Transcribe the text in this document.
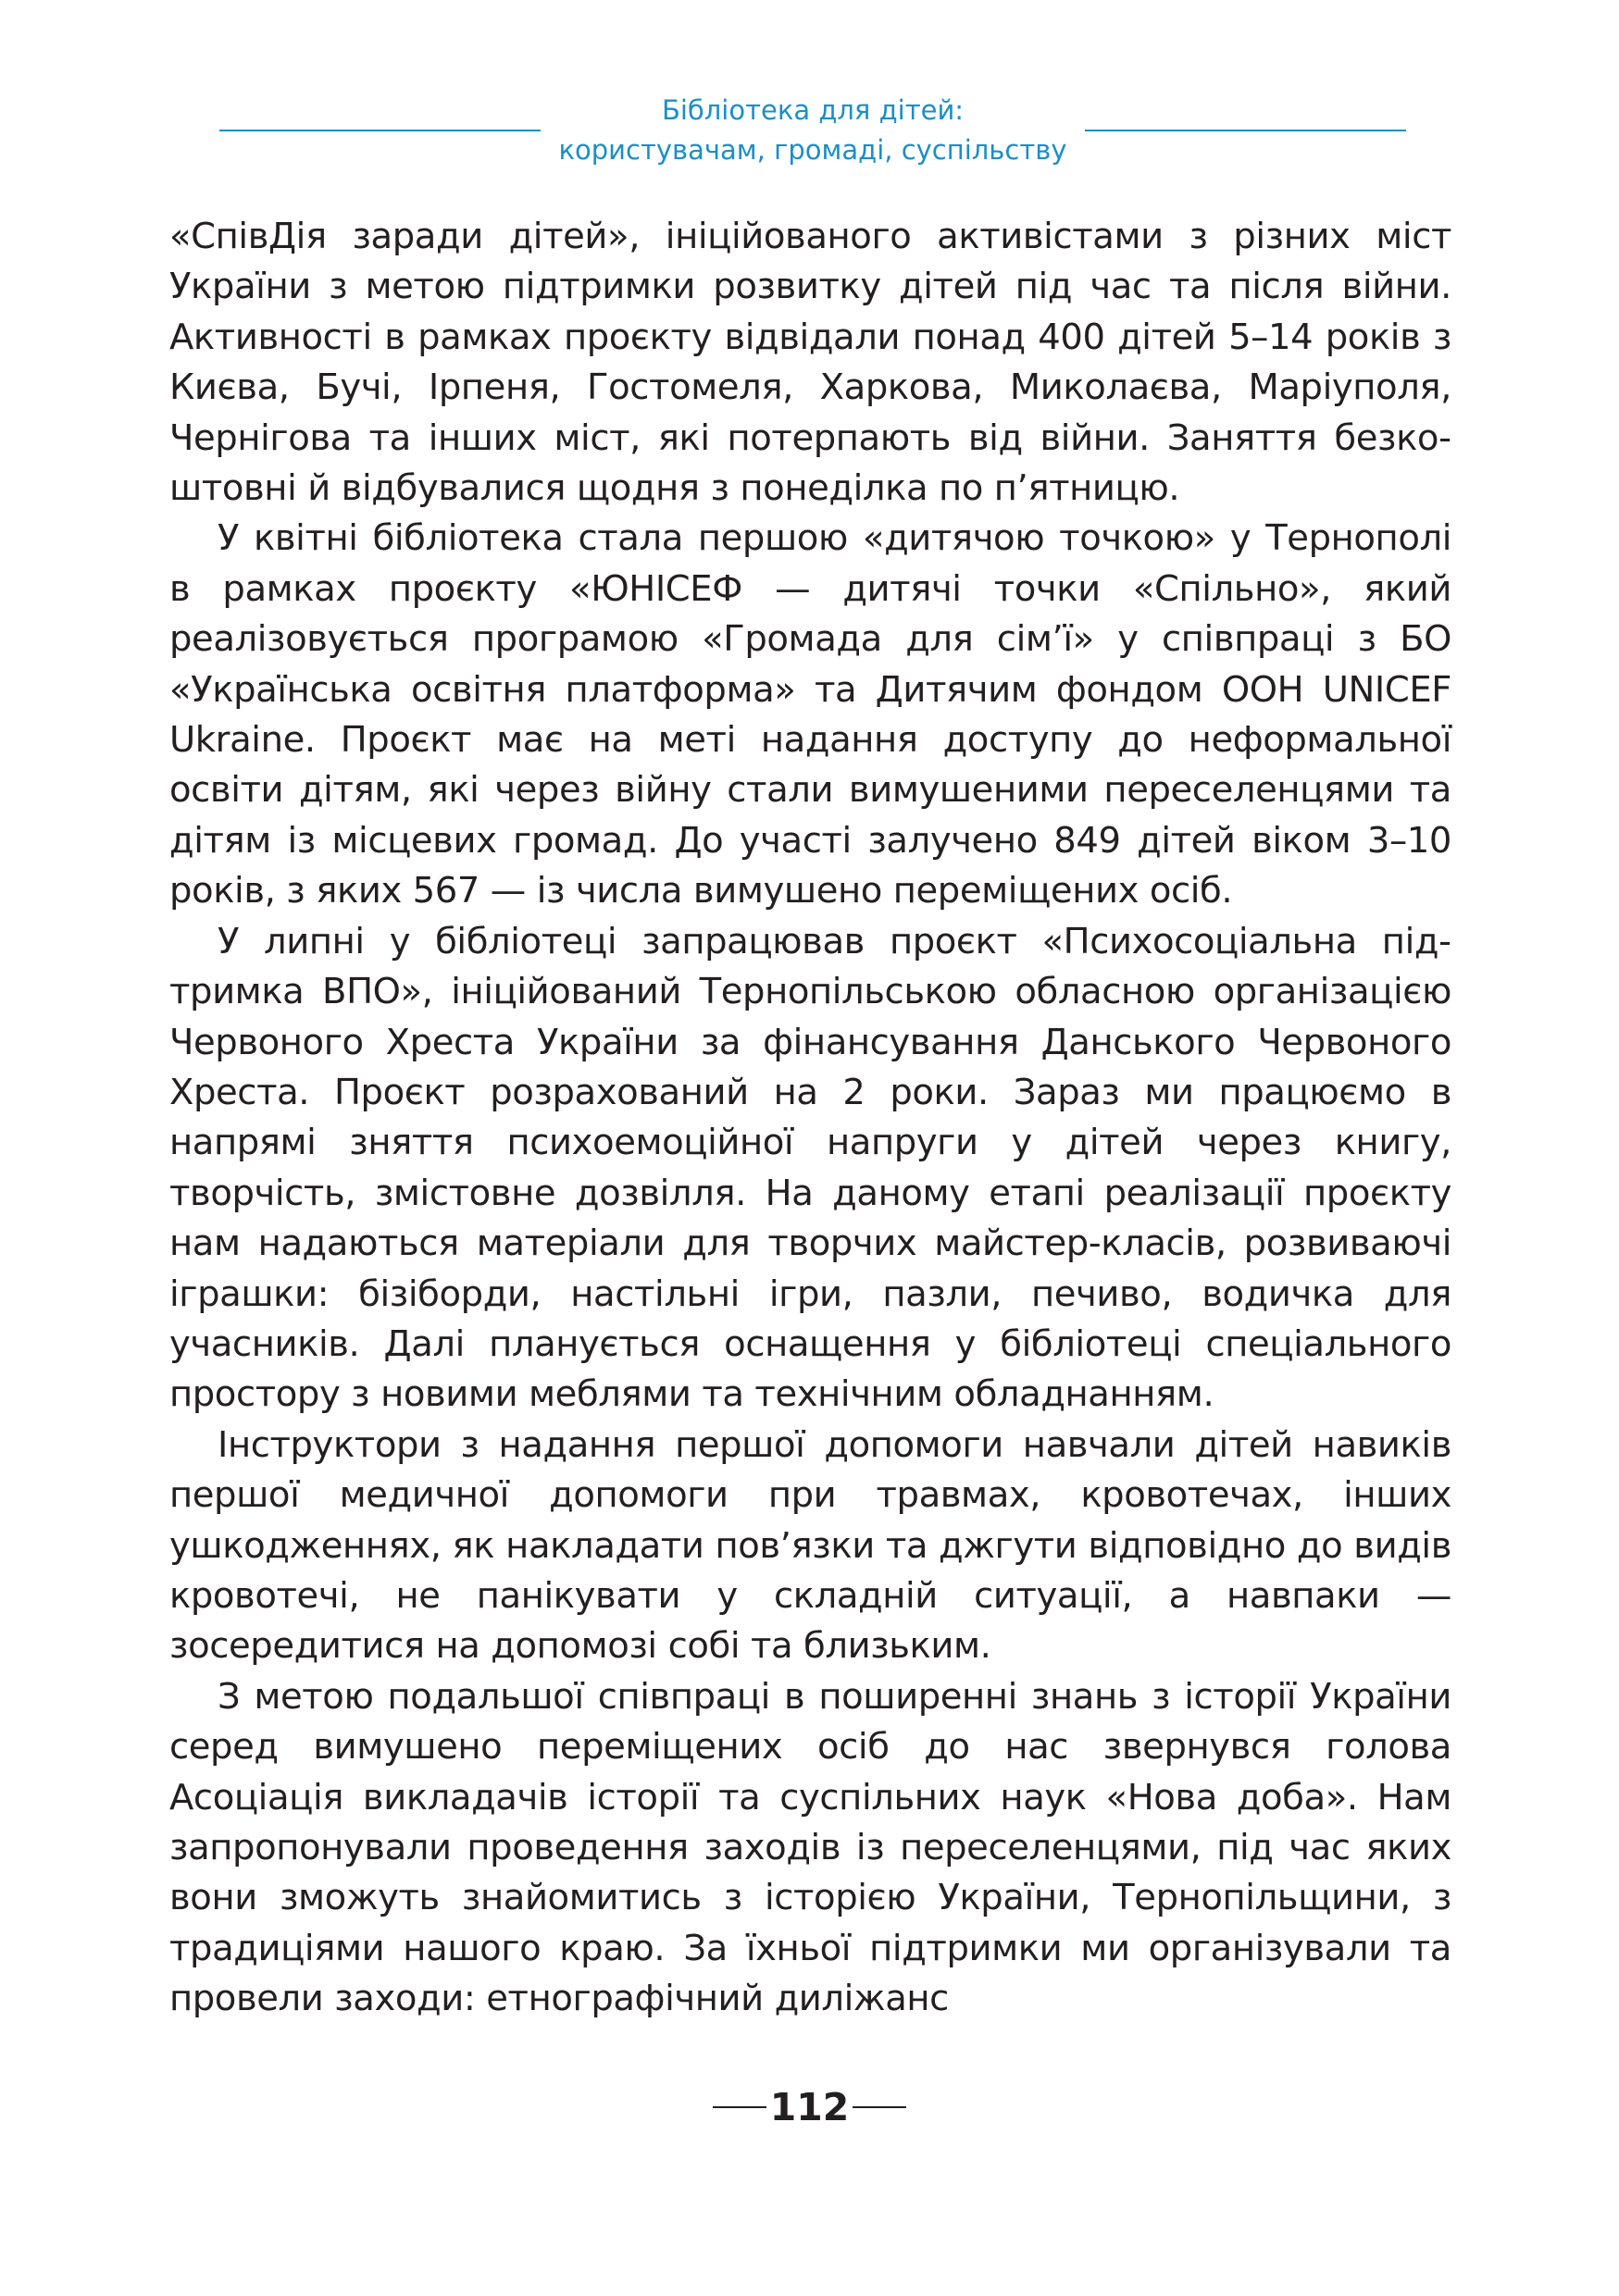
Бібліотека для дітей:
користувачам, громаді, суспільству

«СпівДія заради дітей», ініційованого активістами з різних міст України з метою підтримки розвитку дітей під час та після війни. Активності в рамках проєкту відвідали понад 400 дітей 5–14 років з Києва, Бучі, Ірпеня, Гостомеля, Харкова, Миколаєва, Маріуполя, Чернігова та інших міст, які потерпають від війни. Заняття безкоштовні й відбувалися щодня з понеділка по п’ятницю.

У квітні бібліотека стала першою «дитячою точкою» у Тернополі в рамках проєкту «ЮНІСЕФ — дитячі точки «Спільно», який реалізовується програмою «Громада для сім’ї» у співпраці з БО «Українська освітня платформа» та Дитячим фондом ООН UNICEF Ukraine. Проєкт має на меті надання доступу до неформальної освіти дітям, які через війну стали вимушеними переселенцями та дітям із місцевих громад. До участі залучено 849 дітей віком 3–10 років, з яких 567 — із числа вимушено переміщених осіб.

У липні у бібліотеці запрацював проєкт «Психосоціальна підтримка ВПО», ініційований Тернопільською обласною організацією Червоного Хреста України за фінансування Данського Червоного Хреста. Проєкт розрахований на 2 роки. Зараз ми працюємо в напрямі зняття психоемоційної напруги у дітей через книгу, творчість, змістовне дозвілля. На даному етапі реалізації проєкту нам надаються матеріали для творчих майстер-класів, розвиваючі іграшки: бізіборди, настільні ігри, пазли, печиво, водичка для учасників. Далі планується оснащення у бібліотеці спеціального простору з новими меблями та технічним обладнанням.

Інструктори з надання першої допомоги навчали дітей навиків першої медичної допомоги при травмах, кровотечах, інших ушкодженнях, як накладати пов’язки та джгути відповідно до видів кровотечі, не панікувати у складній ситуації, а навпаки — зосередитися на допомозі собі та близьким.

З метою подальшої співпраці в поширенні знань з історії України серед вимушено переміщених осіб до нас звернувся голова Асоціація викладачів історії та суспільних наук «Нова доба». Нам запропонували проведення заходів із переселенцями, під час яких вони зможуть знайомитись з історією України, Тернопільщини, з традиціями нашого краю. За їхньої підтримки ми організували та провели заходи: етнографічний диліжанс

112
